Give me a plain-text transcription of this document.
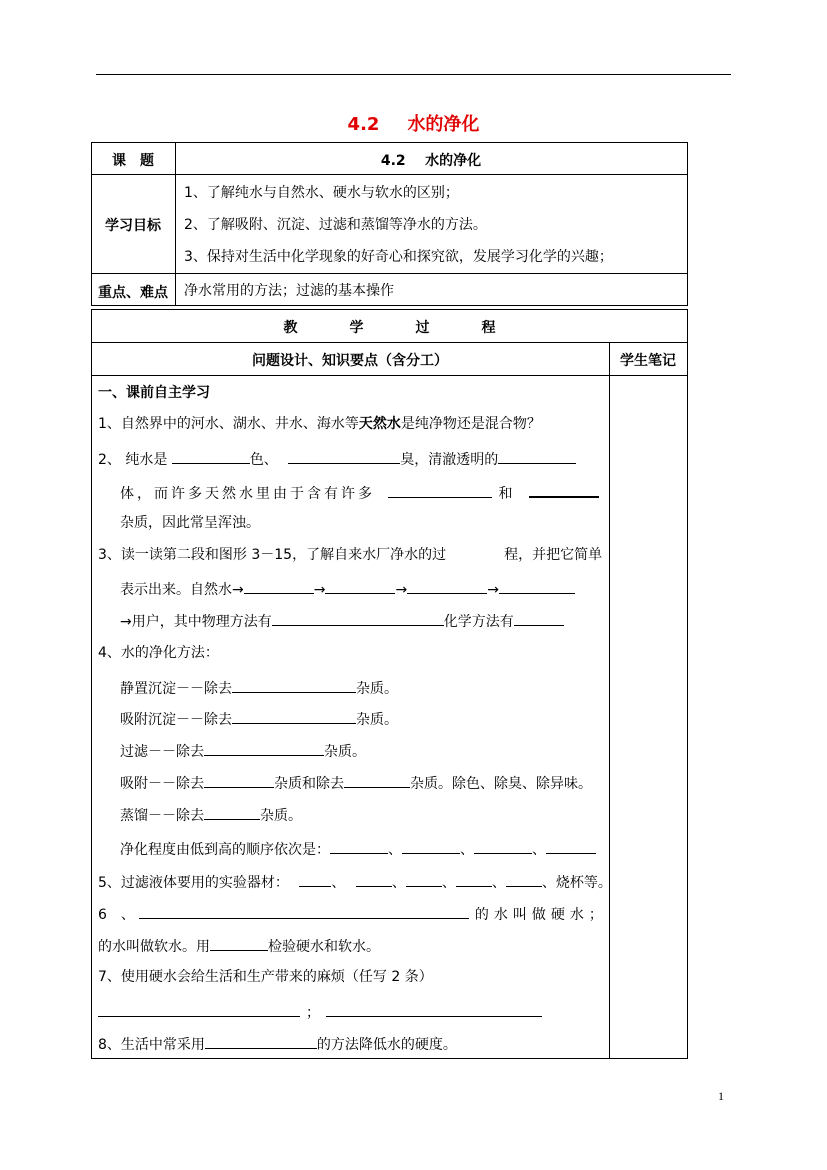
4.2 水的净化
课　题	4.2 水的净化
学习目标
1、了解纯水与自然水、硬水与软水的区别；
2、了解吸附、沉淀、过滤和蒸馏等净水的方法。
3、保持对生活中化学现象的好奇心和探究欲，发展学习化学的兴趣；
重点、难点	净水常用的方法；过滤的基本操作
教	学	过	程
问题设计、知识要点（含分工）	学生笔记
一、课前自主学习
1、自然界中的河水、湖水、井水、海水等天然水是纯净物还是混合物？
2、 纯水是	色、	臭，清澈透明的
体，而许多天然水里由于含有许多	和
杂质，因此常呈浑浊。
3、读一读第二段和图形 3－15，了解自来水厂净水的过	程，并把它简单
表示出来。自然水→	→	→	→
→用户，其中物理方法有	化学方法有
4、水的净化方法：
静置沉淀－－除去	杂质。
吸附沉淀－－除去	杂质。
过滤－－除去	杂质。
吸附－－除去	杂质和除去	杂质。除色、除臭、除异味。
蒸馏－－除去	杂质。
净化程度由低到高的顺序依次是：	、	、	、
5、过滤液体要用的实验器材：	、	、	、	、	、烧杯等。
6　、	的水叫做硬水；
的水叫做软水。用	检验硬水和软水。
7、使用硬水会给生活和生产带来的麻烦（任写 2 条）
；
8、生活中常采用	的方法降低水的硬度。
1
